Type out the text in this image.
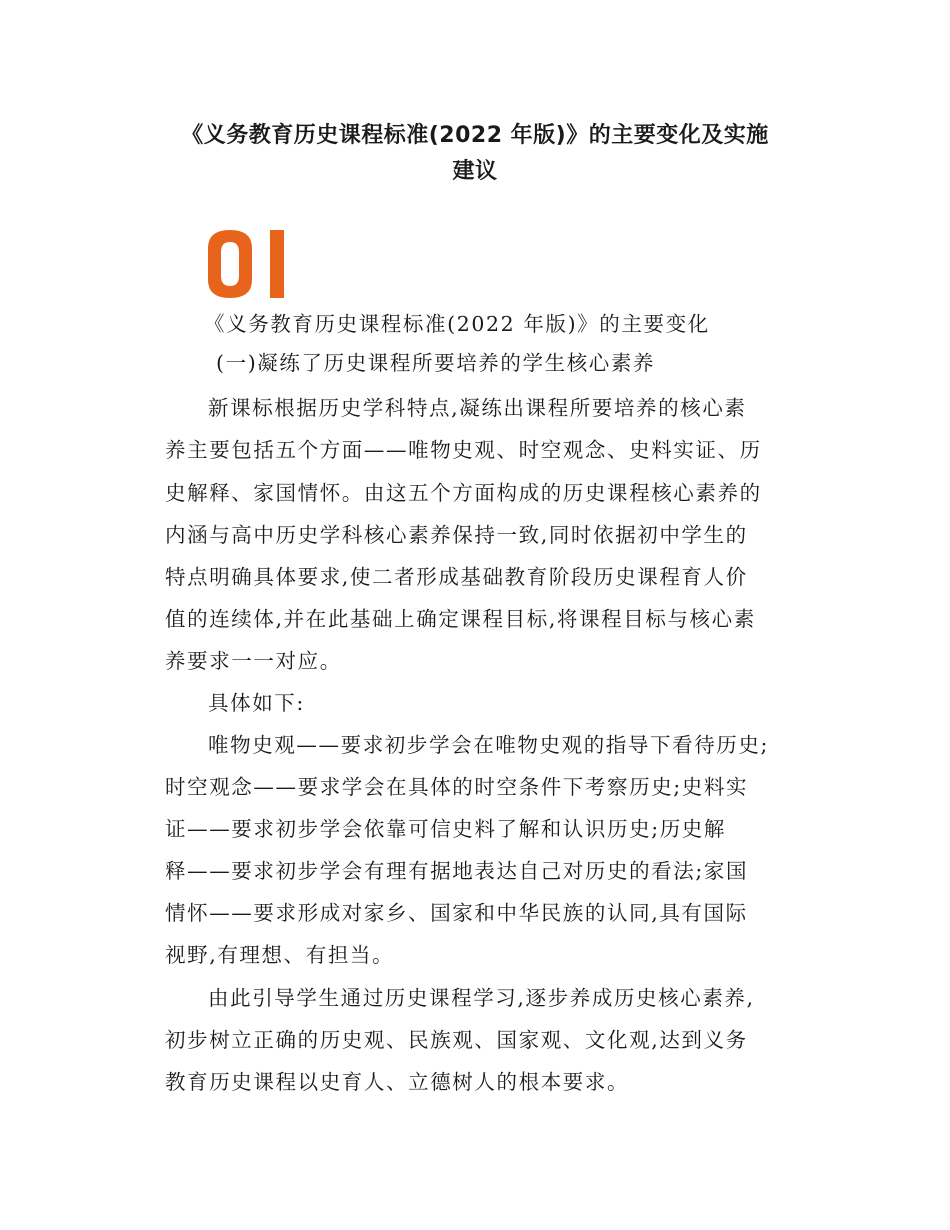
《义务教育历史课程标准(2022 年版)》的主要变化及实施
建议

《义务教育历史课程标准(2022 年版)》的主要变化

(一)凝练了历史课程所要培养的学生核心素养

新课标根据历史学科特点,凝练出课程所要培养的核心素

养主要包括五个方面——唯物史观、时空观念、史料实证、历

史解释、家国情怀。由这五个方面构成的历史课程核心素养的

内涵与高中历史学科核心素养保持一致,同时依据初中学生的

特点明确具体要求,使二者形成基础教育阶段历史课程育人价

值的连续体,并在此基础上确定课程目标,将课程目标与核心素

养要求一一对应。

具体如下:

唯物史观——要求初步学会在唯物史观的指导下看待历史;

时空观念——要求学会在具体的时空条件下考察历史;史料实

证——要求初步学会依靠可信史料了解和认识历史;历史解

释——要求初步学会有理有据地表达自己对历史的看法;家国

情怀——要求形成对家乡、国家和中华民族的认同,具有国际

视野,有理想、有担当。

由此引导学生通过历史课程学习,逐步养成历史核心素养,

初步树立正确的历史观、民族观、国家观、文化观,达到义务

教育历史课程以史育人、立德树人的根本要求。
